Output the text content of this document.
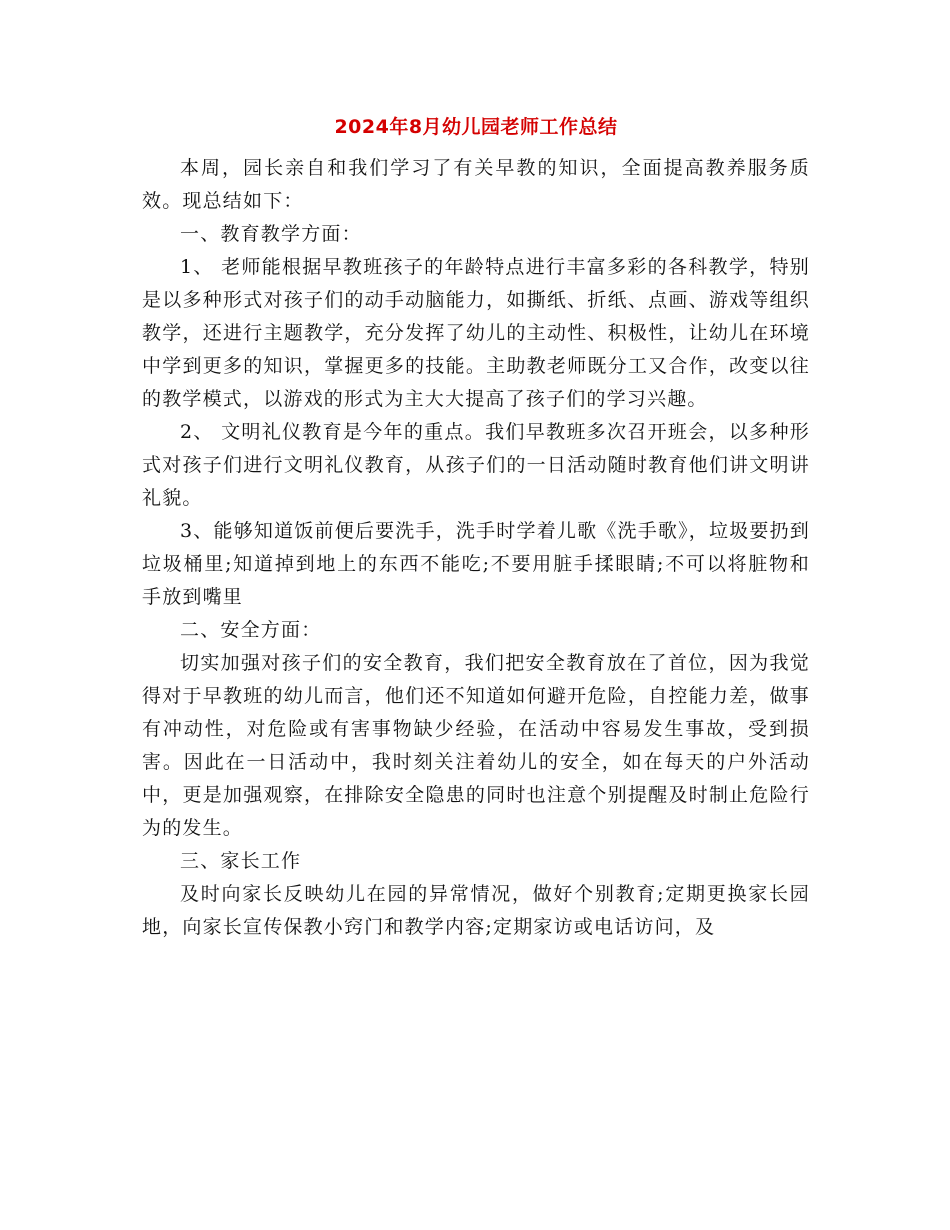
2024年8月幼儿园老师工作总结

本周，园长亲自和我们学习了有关早教的知识，全面提高教养服务质效。现总结如下：

一、教育教学方面：

1、 老师能根据早教班孩子的年龄特点进行丰富多彩的各科教学，特别是以多种形式对孩子们的动手动脑能力，如撕纸、折纸、点画、游戏等组织教学，还进行主题教学，充分发挥了幼儿的主动性、积极性，让幼儿在环境中学到更多的知识，掌握更多的技能。主助教老师既分工又合作，改变以往的教学模式，以游戏的形式为主大大提高了孩子们的学习兴趣。

2、 文明礼仪教育是今年的重点。我们早教班多次召开班会，以多种形式对孩子们进行文明礼仪教育，从孩子们的一日活动随时教育他们讲文明讲礼貌。

3、能够知道饭前便后要洗手，洗手时学着儿歌《洗手歌》，垃圾要扔到垃圾桶里;知道掉到地上的东西不能吃;不要用脏手揉眼睛;不可以将脏物和手放到嘴里

二、安全方面：

切实加强对孩子们的安全教育，我们把安全教育放在了首位，因为我觉得对于早教班的幼儿而言，他们还不知道如何避开危险，自控能力差，做事有冲动性，对危险或有害事物缺少经验，在活动中容易发生事故，受到损害。因此在一日活动中，我时刻关注着幼儿的安全，如在每天的户外活动中，更是加强观察，在排除安全隐患的同时也注意个别提醒及时制止危险行为的发生。

三、家长工作

及时向家长反映幼儿在园的异常情况，做好个别教育;定期更换家长园地，向家长宣传保教小窍门和教学内容;定期家访或电话访问，及
